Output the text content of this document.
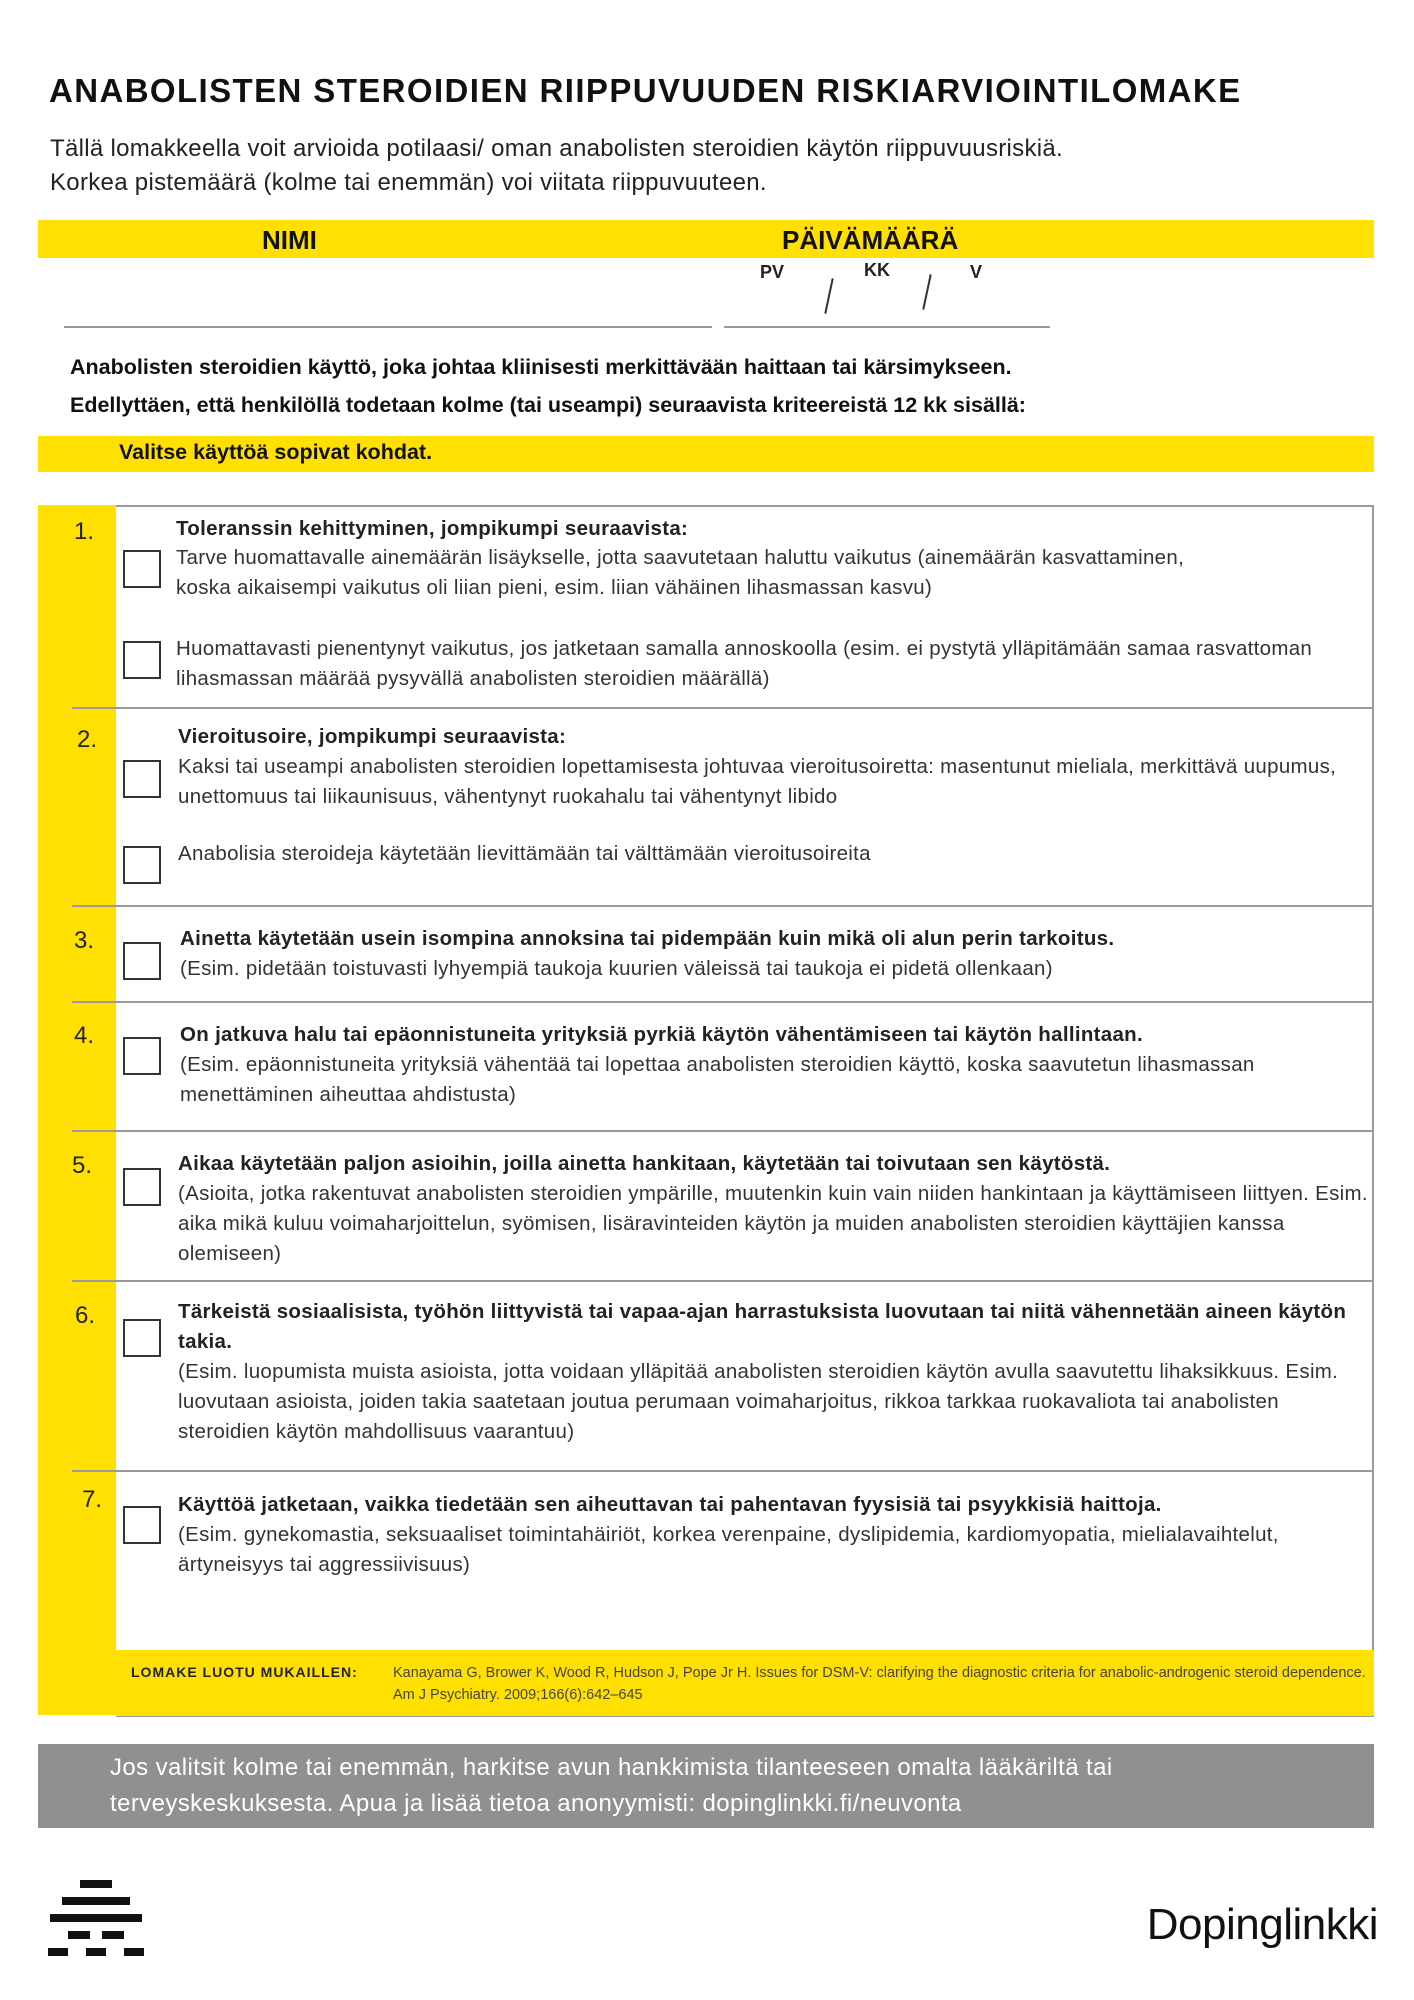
ANABOLISTEN STEROIDIEN RIIPPUVUUDEN RISKIARVIOINTILOMAKE
Tällä lomakkeella voit arvioida potilaasi/ oman anabolisten steroidien käytön riippuvuusriskiä.
Korkea pistemäärä (kolme tai enemmän) voi viitata riippuvuuteen.
NIMI	PÄIVÄMÄÄRÄ
PV	KK	V
Anabolisten steroidien käyttö, joka johtaa kliinisesti merkittävään haittaan tai kärsimykseen.
Edellyttäen, että henkilöllä todetaan kolme (tai useampi) seuraavista kriteereistä 12 kk sisällä:
Valitse käyttöä sopivat kohdat.
1.	Toleranssin kehittyminen, jompikumpi seuraavista:
Tarve huomattavalle ainemäärän lisäykselle, jotta saavutetaan haluttu vaikutus (ainemäärän kasvattaminen, koska aikaisempi vaikutus oli liian pieni, esim. liian vähäinen lihasmassan kasvu)
Huomattavasti pienentynyt vaikutus, jos jatketaan samalla annoskoolla (esim. ei pystytä ylläpitämään samaa rasvattoman lihasmassan määrää pysyvällä anabolisten steroidien määrällä)
2.	Vieroitusoire, jompikumpi seuraavista:
Kaksi tai useampi anabolisten steroidien lopettamisesta johtuvaa vieroitusoiretta: masentunut mieliala, merkittävä uupumus, unettomuus tai liikaunisuus, vähentynyt ruokahalu tai vähentynyt libido
Anabolisia steroideja käytetään lievittämään tai välttämään vieroitusoireita
3.	Ainetta käytetään usein isompina annoksina tai pidempään kuin mikä oli alun perin tarkoitus.
(Esim. pidetään toistuvasti lyhyempiä taukoja kuurien väleissä tai taukoja ei pidetä ollenkaan)
4.	On jatkuva halu tai epäonnistuneita yrityksiä pyrkiä käytön vähentämiseen tai käytön hallintaan.
(Esim. epäonnistuneita yrityksiä vähentää tai lopettaa anabolisten steroidien käyttö, koska saavutetun lihasmassan menettäminen aiheuttaa ahdistusta)
5.	Aikaa käytetään paljon asioihin, joilla ainetta hankitaan, käytetään tai toivutaan sen käytöstä.
(Asioita, jotka rakentuvat anabolisten steroidien ympärille, muutenkin kuin vain niiden hankintaan ja käyttämiseen liittyen. Esim. aika mikä kuluu voimaharjoittelun, syömisen, lisäravinteiden käytön ja muiden anabolisten steroidien käyttäjien kanssa olemiseen)
6.	Tärkeistä sosiaalisista, työhön liittyvistä tai vapaa-ajan harrastuksista luovutaan tai niitä vähennetään aineen käytön takia.
(Esim. luopumista muista asioista, jotta voidaan ylläpitää anabolisten steroidien käytön avulla saavutettu lihaksikkuus. Esim. luovutaan asioista, joiden takia saatetaan joutua perumaan voimaharjoitus, rikkoa tarkkaa ruokavaliota tai anabolisten steroidien käytön mahdollisuus vaarantuu)
7.	Käyttöä jatketaan, vaikka tiedetään sen aiheuttavan tai pahentavan fyysisiä tai psyykkisiä haittoja.
(Esim. gynekomastia, seksuaaliset toimintahäiriöt, korkea verenpaine, dyslipidemia, kardiomyopatia, mielialavaihtelut, ärtyneisyys tai aggressiivisuus)
LOMAKE LUOTU MUKAILLEN: Kanayama G, Brower K, Wood R, Hudson J, Pope Jr H. Issues for DSM-V: clarifying the diagnostic criteria for anabolic-androgenic steroid dependence. Am J Psychiatry. 2009;166(6):642–645
Jos valitsit kolme tai enemmän, harkitse avun hankkimista tilanteeseen omalta lääkäriltä tai
terveyskeskuksesta. Apua ja lisää tietoa anonyymisti: dopinglinkki.fi/neuvonta
Dopinglinkki
